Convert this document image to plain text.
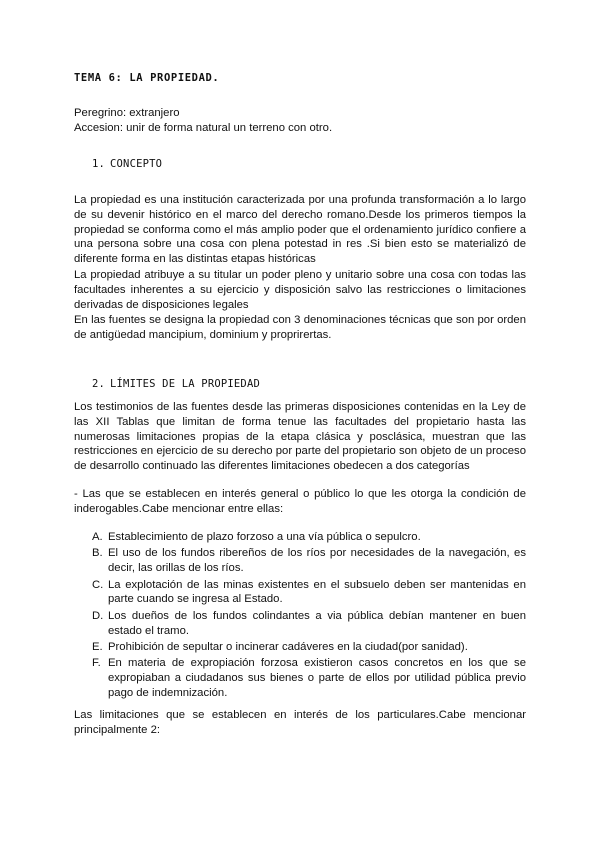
TEMA 6: LA PROPIEDAD.
Peregrino: extranjero
Accesion: unir de forma natural un terreno con otro.
1. CONCEPTO

La propiedad es una institución caracterizada por una profunda transformación a lo largo de su devenir histórico en el marco del derecho romano.Desde los primeros tiempos la propiedad se conforma como el más amplio poder que el ordenamiento jurídico confiere a una persona sobre una cosa con plena potestad in res .Si bien esto se materializó de diferente forma en las distintas etapas históricas

La propiedad atribuye a su titular un poder pleno y unitario sobre una cosa con todas las facultades inherentes a su ejercicio y disposición salvo las restricciones o limitaciones derivadas de disposiciones legales

En las fuentes se designa la propiedad con 3 denominaciones técnicas que son por orden de antigüedad mancipium, dominium y proprirertas.

2. LÍMITES DE LA PROPIEDAD

Los testimonios de las fuentes desde las primeras disposiciones contenidas en la Ley de las XII Tablas que limitan de forma tenue las facultades del propietario hasta las numerosas limitaciones propias de la etapa clásica y posclásica, muestran que las restricciones en ejercicio de su derecho por parte del propietario son objeto de un proceso de desarrollo continuado las diferentes limitaciones obedecen a dos categorías

- Las que se establecen en interés general o público lo que les otorga la condición de inderogables.Cabe mencionar entre ellas:

A. Establecimiento de plazo forzoso a una vía pública o sepulcro.
B. El uso de los fundos ribereños de los ríos por necesidades de la navegación, es decir, las orillas de los ríos.
C. La explotación de las minas existentes en el subsuelo deben ser mantenidas en parte cuando se ingresa al Estado.
D. Los dueños de los fundos colindantes a via pública debían mantener en buen estado el tramo.
E. Prohibición de sepultar o incinerar cadáveres en la ciudad(por sanidad).
F. En materia de expropiación forzosa existieron casos concretos en los que se expropiaban a ciudadanos sus bienes o parte de ellos por utilidad pública previo pago de indemnización.

Las limitaciones que se establecen en interés de los particulares.Cabe mencionar principalmente 2:
